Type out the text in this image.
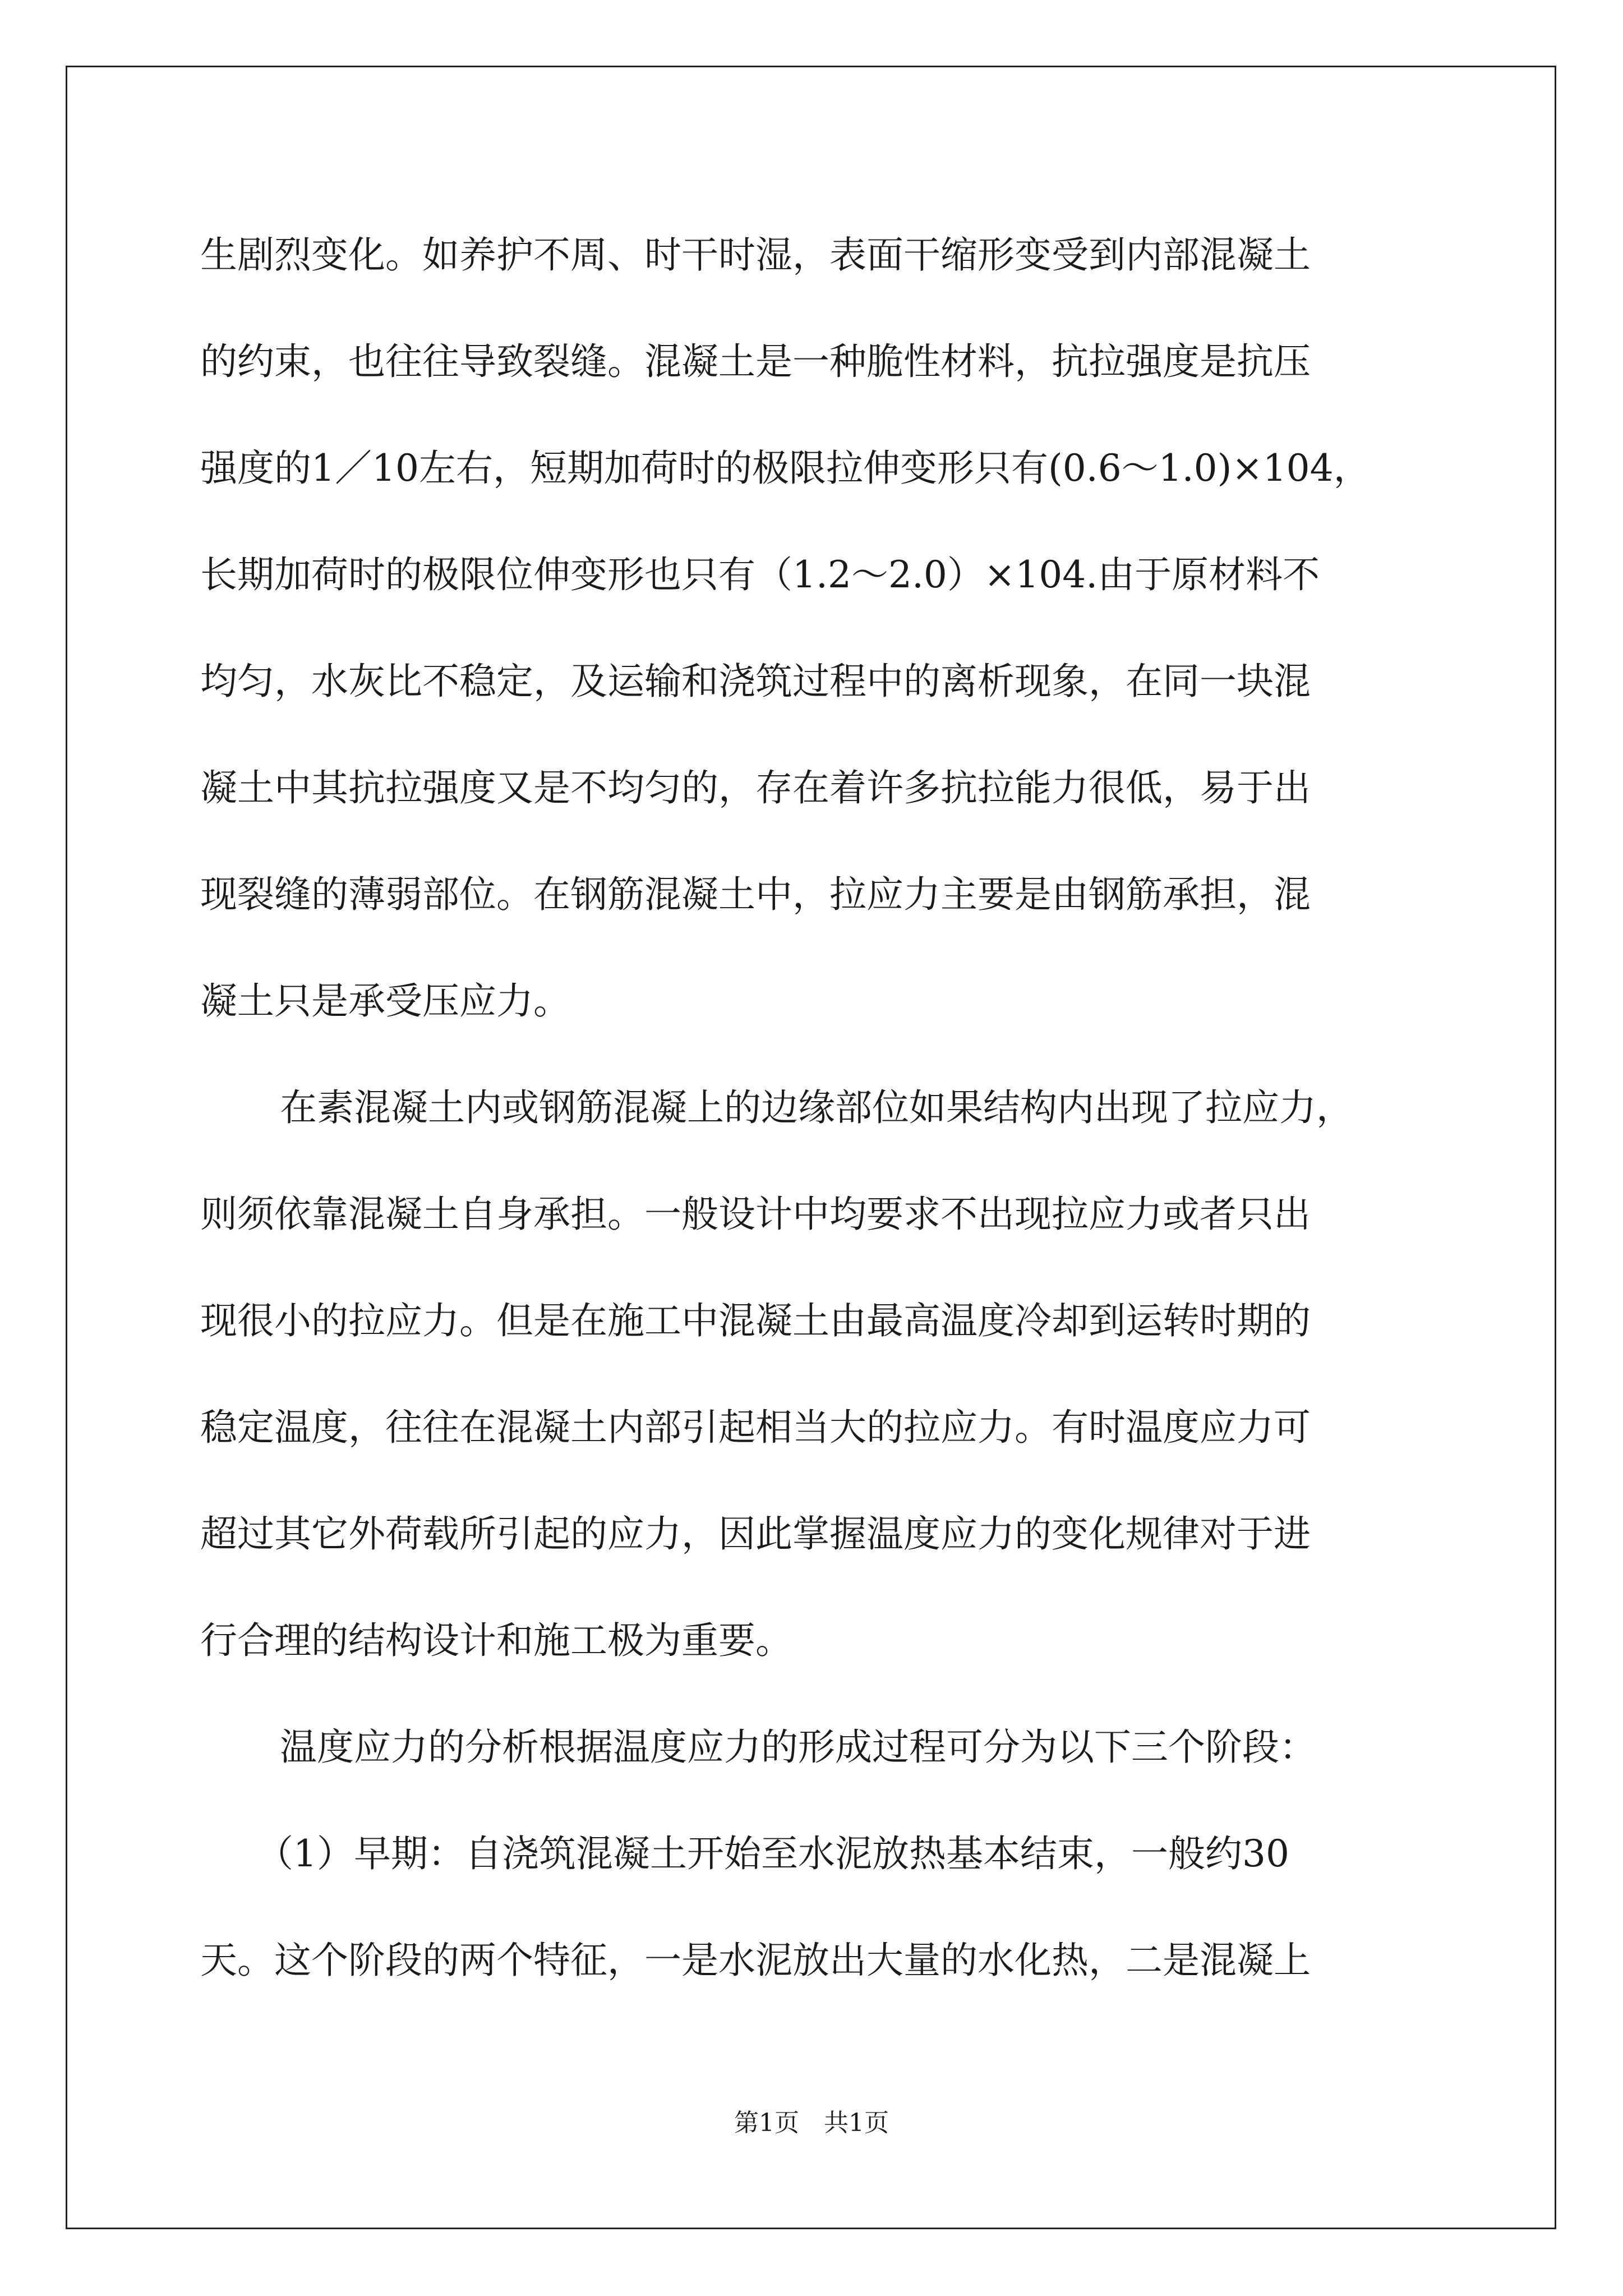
生剧烈变化。如养护不周、时干时湿，表面干缩形变受到内部混凝土
的约束，也往往导致裂缝。混凝土是一种脆性材料，抗拉强度是抗压
强度的1／10左右，短期加荷时的极限拉伸变形只有(0.6～1.0)×104，
长期加荷时的极限位伸变形也只有（1.2～2.0）×104.由于原材料不
均匀，水灰比不稳定，及运输和浇筑过程中的离析现象，在同一块混
凝土中其抗拉强度又是不均匀的，存在着许多抗拉能力很低，易于出
现裂缝的薄弱部位。在钢筋混凝土中，拉应力主要是由钢筋承担，混
凝土只是承受压应力。
在素混凝土内或钢筋混凝上的边缘部位如果结构内出现了拉应力，
则须依靠混凝土自身承担。一般设计中均要求不出现拉应力或者只出
现很小的拉应力。但是在施工中混凝土由最高温度冷却到运转时期的
稳定温度，往往在混凝土内部引起相当大的拉应力。有时温度应力可
超过其它外荷载所引起的应力，因此掌握温度应力的变化规律对于进
行合理的结构设计和施工极为重要。
温度应力的分析根据温度应力的形成过程可分为以下三个阶段：
（1）早期：自浇筑混凝土开始至水泥放热基本结束，一般约30
天。这个阶段的两个特征，一是水泥放出大量的水化热，二是混凝上
第1页　共1页
